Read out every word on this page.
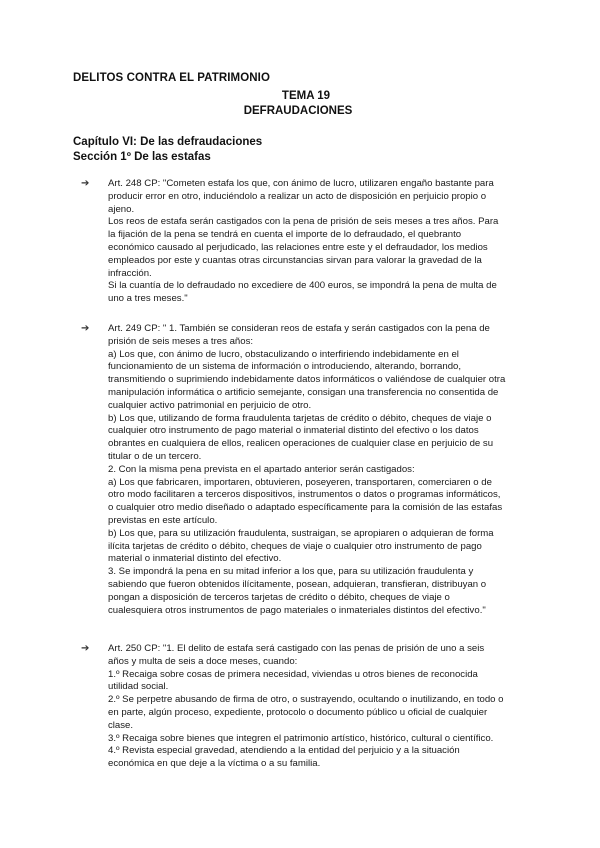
DELITOS CONTRA EL PATRIMONIO
TEMA 19
DEFRAUDACIONES
Capítulo VI: De las defraudaciones
Sección 1º De las estafas
➔ Art. 248 CP: "Cometen estafa los que, con ánimo de lucro, utilizaren engaño bastante para

producir error en otro, induciéndolo a realizar un acto de disposición en perjuicio propio o

ajeno.

Los reos de estafa serán castigados con la pena de prisión de seis meses a tres años. Para

la fijación de la pena se tendrá en cuenta el importe de lo defraudado, el quebranto

económico causado al perjudicado, las relaciones entre este y el defraudador, los medios

empleados por este y cuantas otras circunstancias sirvan para valorar la gravedad de la

infracción.

Si la cuantía de lo defraudado no excediere de 400 euros, se impondrá la pena de multa de

uno a tres meses."

➔ Art. 249 CP: " 1. También se consideran reos de estafa y serán castigados con la pena de

prisión de seis meses a tres años:

a) Los que, con ánimo de lucro, obstaculizando o interfiriendo indebidamente en el

funcionamiento de un sistema de información o introduciendo, alterando, borrando,

transmitiendo o suprimiendo indebidamente datos informáticos o valiéndose de cualquier otra

manipulación informática o artificio semejante, consigan una transferencia no consentida de

cualquier activo patrimonial en perjuicio de otro.

b) Los que, utilizando de forma fraudulenta tarjetas de crédito o débito, cheques de viaje o

cualquier otro instrumento de pago material o inmaterial distinto del efectivo o los datos

obrantes en cualquiera de ellos, realicen operaciones de cualquier clase en perjuicio de su

titular o de un tercero.

2. Con la misma pena prevista en el apartado anterior serán castigados:

a) Los que fabricaren, importaren, obtuvieren, poseyeren, transportaren, comerciaren o de

otro modo facilitaren a terceros dispositivos, instrumentos o datos o programas informáticos,

o cualquier otro medio diseñado o adaptado específicamente para la comisión de las estafas

previstas en este artículo.

b) Los que, para su utilización fraudulenta, sustraigan, se apropiaren o adquieran de forma

ilícita tarjetas de crédito o débito, cheques de viaje o cualquier otro instrumento de pago

material o inmaterial distinto del efectivo.

3. Se impondrá la pena en su mitad inferior a los que, para su utilización fraudulenta y

sabiendo que fueron obtenidos ilícitamente, posean, adquieran, transfieran, distribuyan o

pongan a disposición de terceros tarjetas de crédito o débito, cheques de viaje o

cualesquiera otros instrumentos de pago materiales o inmateriales distintos del efectivo."

➔ Art. 250 CP: "1. El delito de estafa será castigado con las penas de prisión de uno a seis

años y multa de seis a doce meses, cuando:

1.º Recaiga sobre cosas de primera necesidad, viviendas u otros bienes de reconocida

utilidad social.

2.º Se perpetre abusando de firma de otro, o sustrayendo, ocultando o inutilizando, en todo o

en parte, algún proceso, expediente, protocolo o documento público u oficial de cualquier

clase.

3.º Recaiga sobre bienes que integren el patrimonio artístico, histórico, cultural o científico.

4.º Revista especial gravedad, atendiendo a la entidad del perjuicio y a la situación

económica en que deje a la víctima o a su familia.
